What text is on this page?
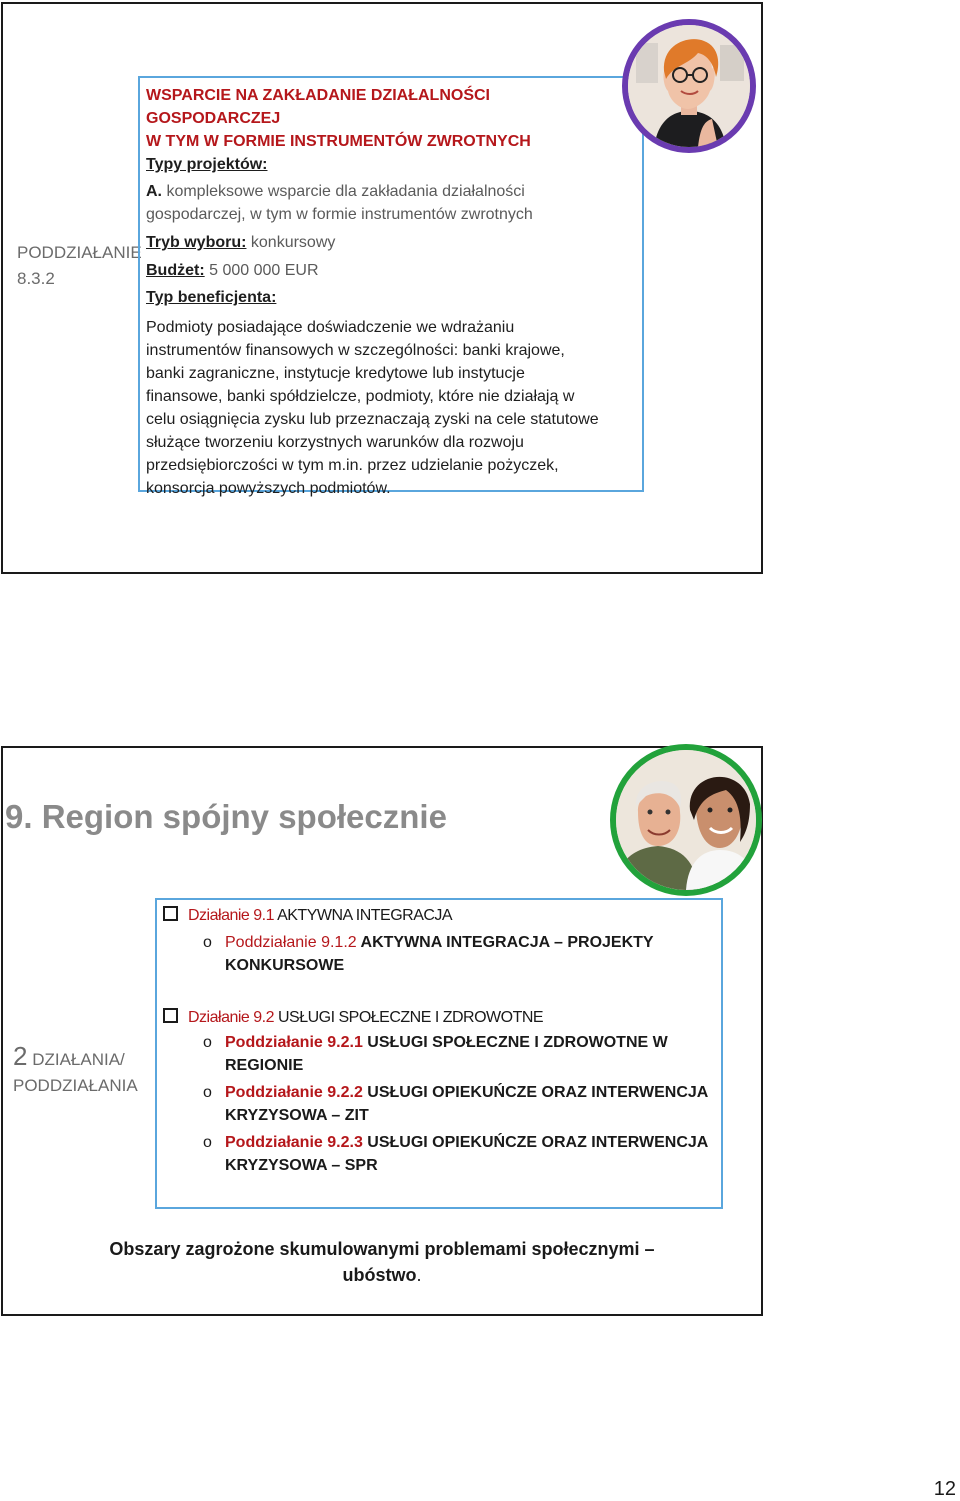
PODDZIAŁANIE
8.3.2
WSPARCIE NA ZAKŁADANIE DZIAŁALNOŚCI GOSPODARCZEJ
W TYM W FORMIE INSTRUMENTÓW ZWROTNYCH
Typy projektów:
A. kompleksowe wsparcie dla zakładania działalności
gospodarczej, w tym w formie instrumentów zwrotnych
Tryb wyboru: konkursowy
Budżet: 5 000 000 EUR
Typ beneficjenta:
Podmioty posiadające doświadczenie we wdrażaniu
instrumentów finansowych w szczególności: banki krajowe,
banki zagraniczne, instytucje kredytowe lub instytucje
finansowe, banki spółdzielcze, podmioty, które nie działają w
celu osiągnięcia zysku lub przeznaczają zyski na cele statutowe
służące tworzeniu korzystnych warunków dla rozwoju
przedsiębiorczości w tym m.in. przez udzielanie pożyczek,
konsorcja powyższych podmiotów.
9. Region spójny społecznie
2 DZIAŁANIA/
PODDZIAŁANIA
Działanie 9.1 AKTYWNA INTEGRACJA
o Poddziałanie 9.1.2 AKTYWNA INTEGRACJA – PROJEKTY
KONKURSOWE
Działanie 9.2 USŁUGI SPOŁECZNE I ZDROWOTNE
o Poddziałanie 9.2.1 USŁUGI SPOŁECZNE I ZDROWOTNE W
REGIONIE
o Poddziałanie 9.2.2 USŁUGI OPIEKUŃCZE ORAZ INTERWENCJA
KRYZYSOWA – ZIT
o Poddziałanie 9.2.3 USŁUGI OPIEKUŃCZE ORAZ INTERWENCJA
KRYZYSOWA – SPR
Obszary zagrożone skumulowanymi problemami społecznymi –
ubóstwo.
12
